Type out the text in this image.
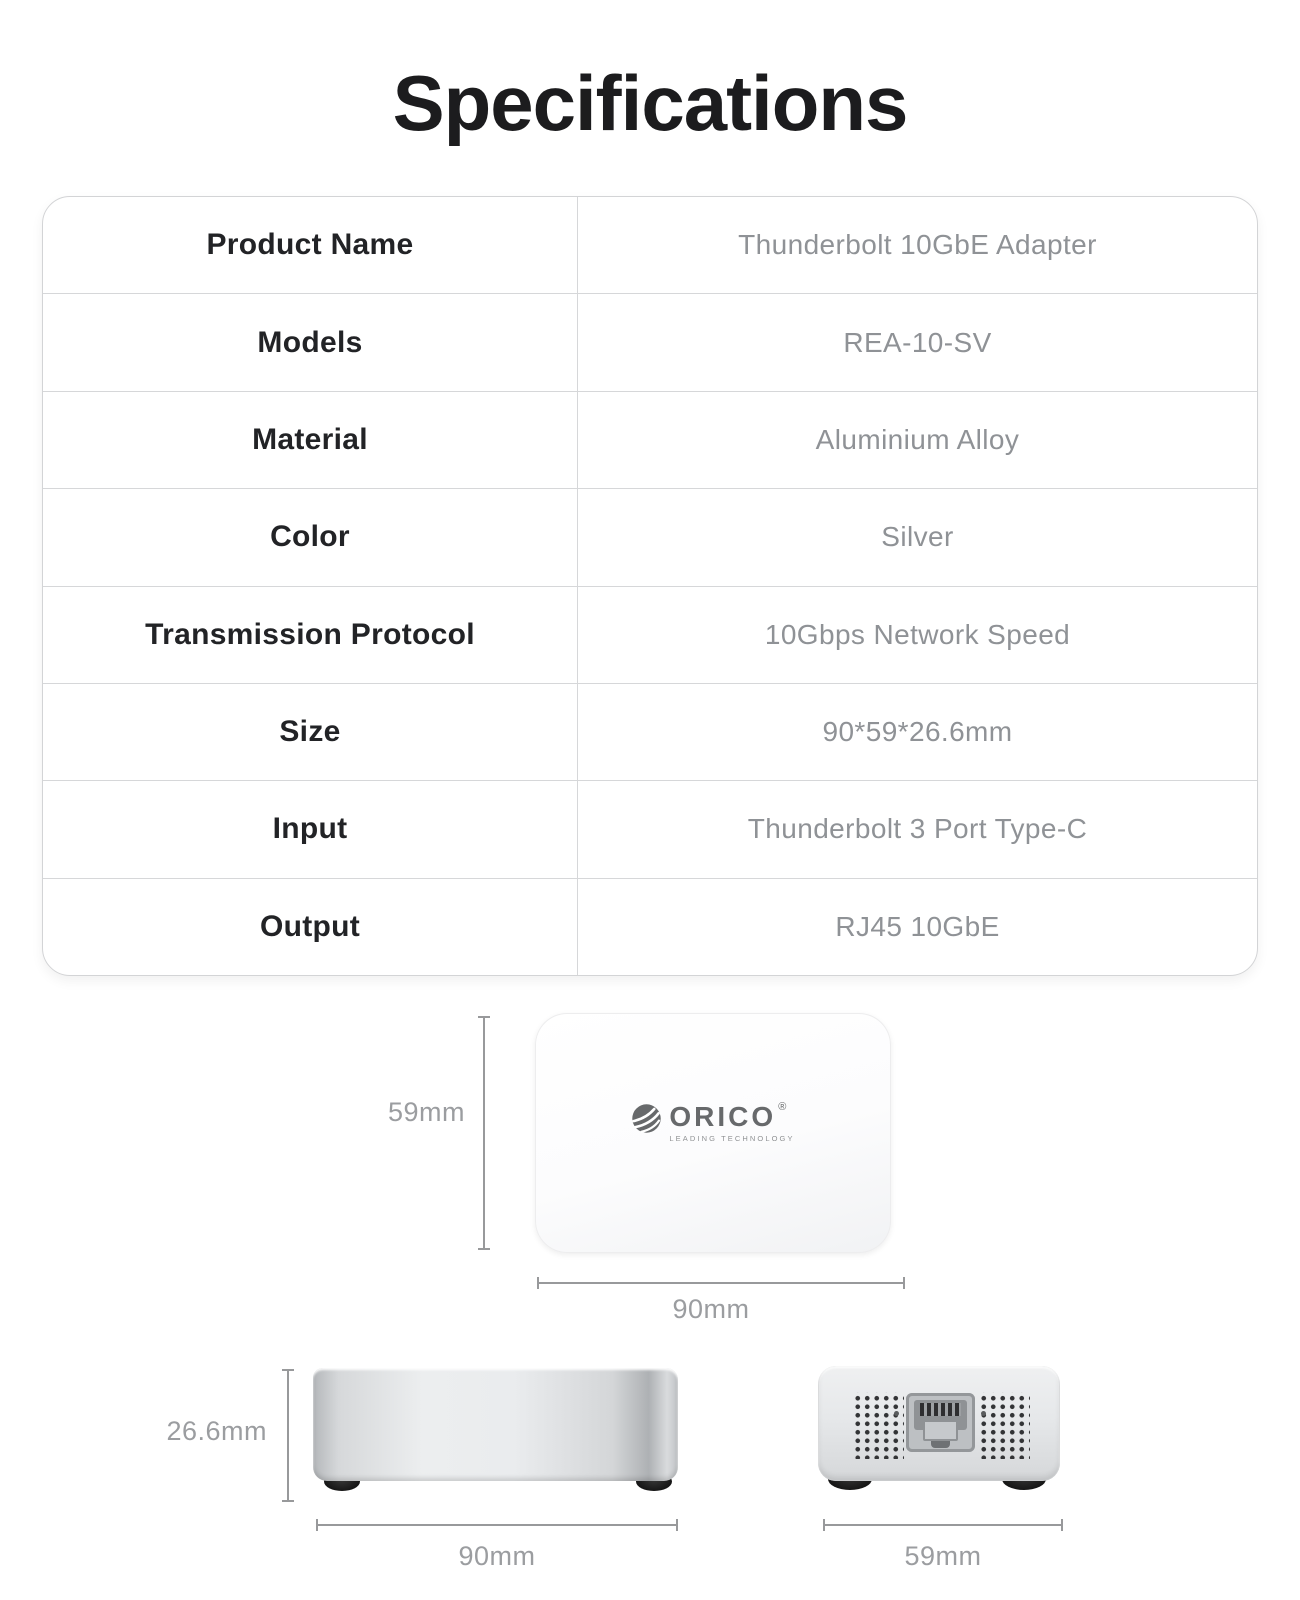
Specifications
Product Name	Thunderbolt 10GbE Adapter
Models	REA-10-SV
Material	Aluminium Alloy
Color	Silver
Transmission Protocol	10Gbps Network Speed
Size	90*59*26.6mm
Input	Thunderbolt 3 Port Type-C
Output	RJ45 10GbE
ORICO ®
LEADING TECHNOLOGY
59mm
90mm
26.6mm
90mm	59mm
